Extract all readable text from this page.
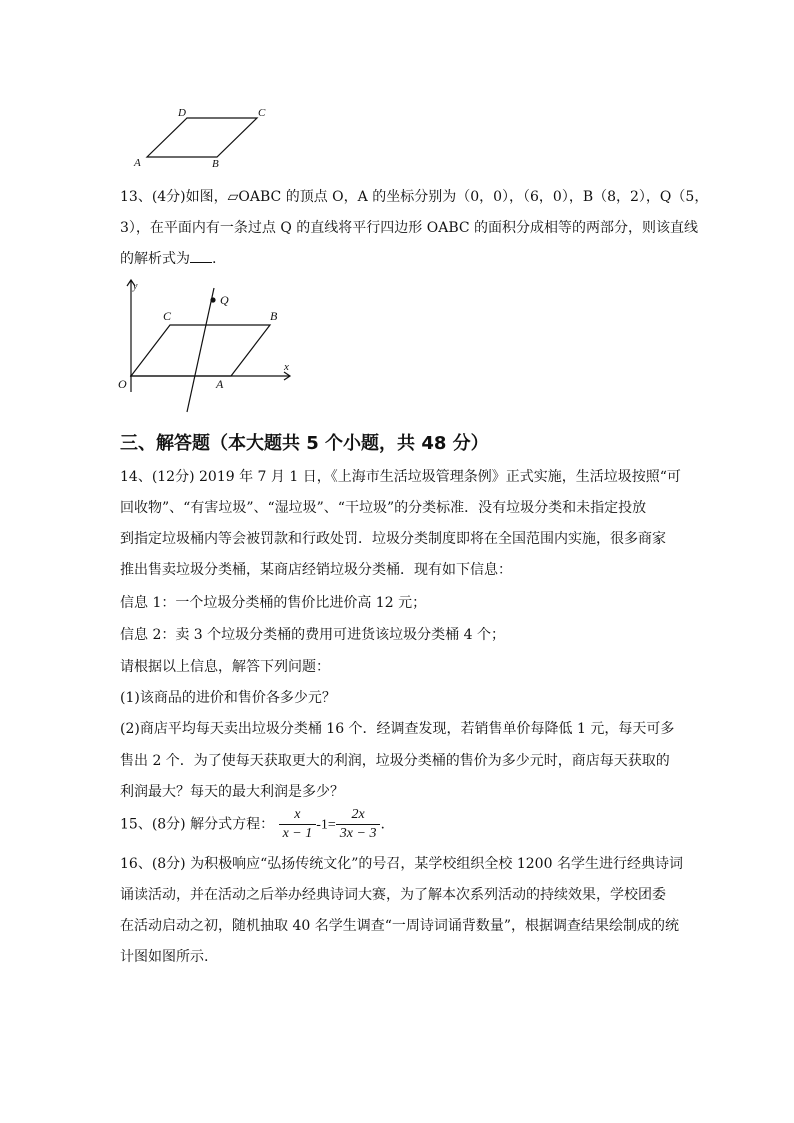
A	B
C
D
13、(4分)如图，▱OABC 的顶点 O，A 的坐标分别为（0，0），（6，0），B（8，2），Q（5，
3），在平面内有一条过点 Q 的直线将平行四边形 OABC 的面积分成相等的两部分，则该直线
的解析式为 .
y
x
O	A
B
C
Q
三、解答题（本大题共 5 个小题，共 48 分）
14、(12分) 2019 年 7 月 1 日，《上海市生活垃圾管理条例》正式实施，生活垃圾按照“可
回收物”、“有害垃圾”、“湿垃圾”、“干垃圾”的分类标准．没有垃圾分类和未指定投放
到指定垃圾桶内等会被罚款和行政处罚．垃圾分类制度即将在全国范围内实施，很多商家
推出售卖垃圾分类桶，某商店经销垃圾分类桶．现有如下信息：
信息 1：一个垃圾分类桶的售价比进价高 12 元；
信息 2：卖 3 个垃圾分类桶的费用可进货该垃圾分类桶 4 个；
请根据以上信息，解答下列问题：
(1)该商品的进价和售价各多少元？
(2)商店平均每天卖出垃圾分类桶 16 个．经调查发现，若销售单价每降低 1 元，每天可多
售出 2 个．为了使每天获取更大的利润，垃圾分类桶的售价为多少元时，商店每天获取的
利润最大？每天的最大利润是多少？
15、(8分) 解分式方程： $\frac{x}{x - 1} -1= \frac{2x}{3x - 3}$ .
16、(8分) 为积极响应“弘扬传统文化”的号召，某学校组织全校 1200 名学生进行经典诗词
诵读活动，并在活动之后举办经典诗词大赛，为了解本次系列活动的持续效果，学校团委
在活动启动之初，随机抽取 40 名学生调查“一周诗词诵背数量”，根据调查结果绘制成的统
计图如图所示.
